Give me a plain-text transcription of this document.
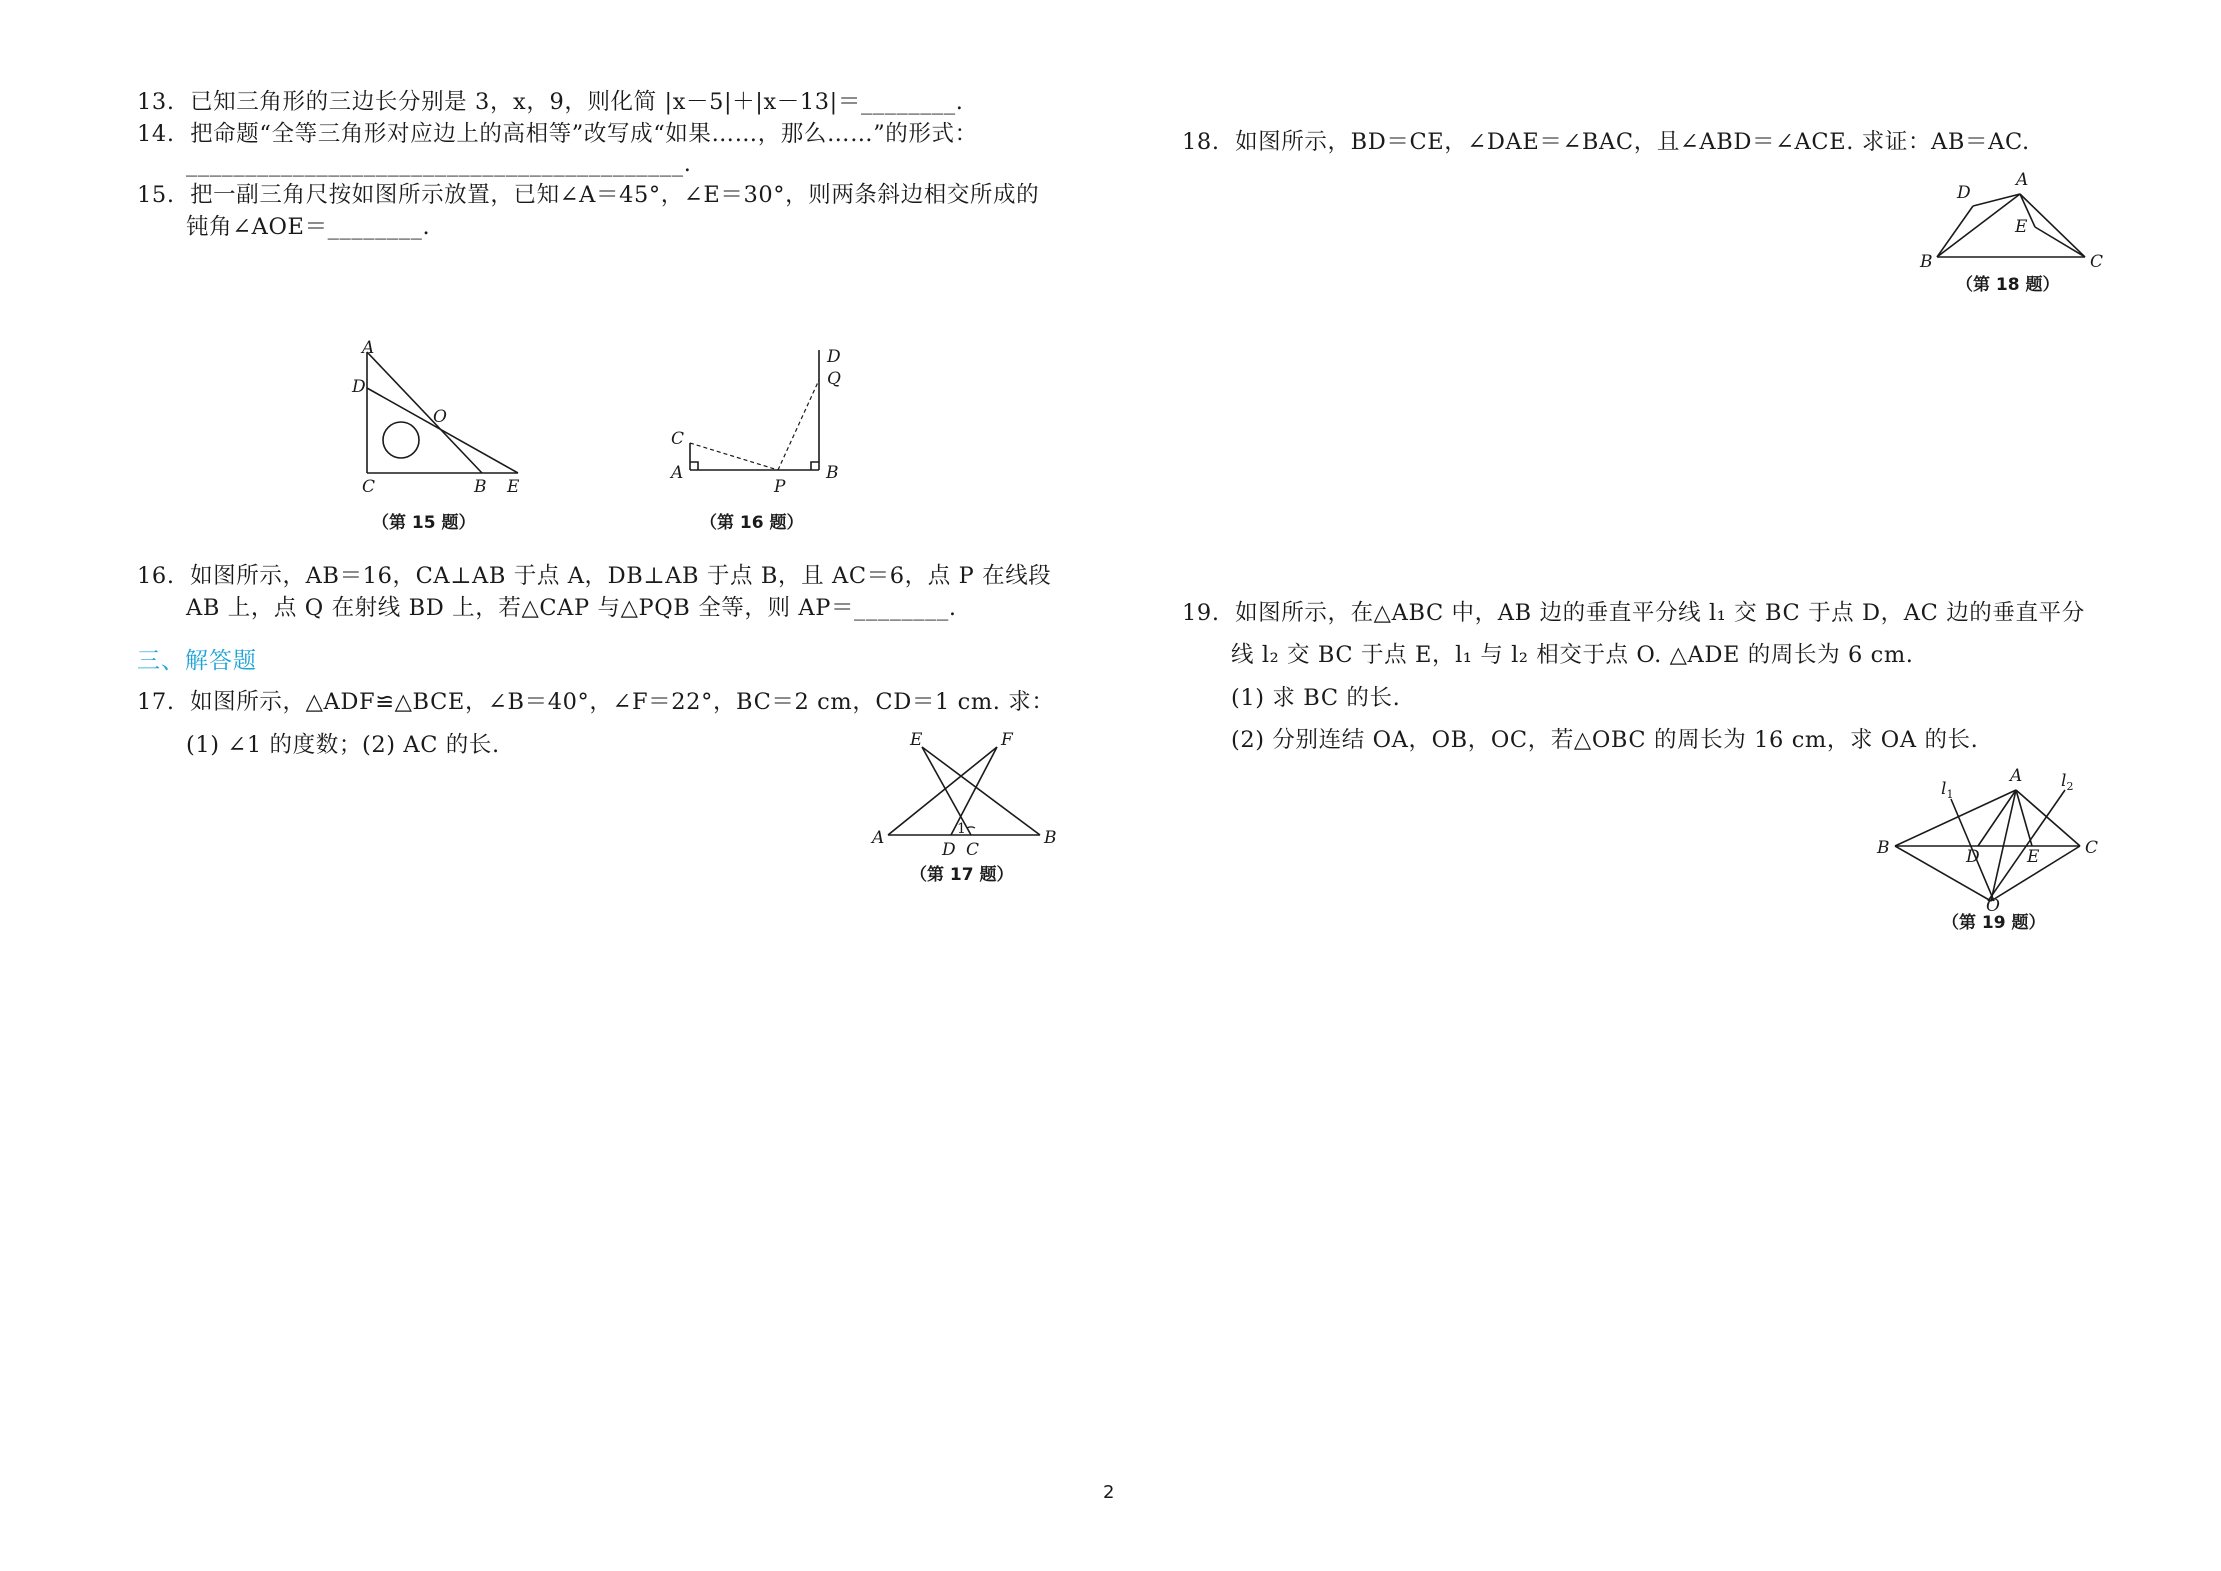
13.  已知三角形的三边长分别是 3，x，9，则化简 |x－5|＋|x－13|＝________.
14.  把命题“全等三角形对应边上的高相等”改写成“如果……，那么……”的形式：
__________________________________________.
15.  把一副三角尺按如图所示放置，已知∠A＝45°，∠E＝30°，则两条斜边相交所成的
钝角∠AOE＝________.
A
D
O
C	B E
（第 15 题）
D
Q
C
A
P
B
（第 16 题）
16.  如图所示，AB＝16，CA⊥AB 于点 A，DB⊥AB 于点 B，且 AC＝6，点 P 在线段
AB 上，点 Q 在射线 BD 上，若△CAP 与△PQB 全等，则 AP＝________.
三、解答题
17.  如图所示，△ADF≌△BCE，∠B＝40°，∠F＝22°，BC＝2 cm，CD＝1 cm. 求：
(1) ∠1 的度数；(2) AC 的长.	E	F
A
D C
B
1
（第 17 题）
18.  如图所示，BD＝CE，∠DAE＝∠BAC，且∠ABD＝∠ACE. 求证：AB＝AC.
D
A
E
B	C
（第 18 题）
19.  如图所示，在△ABC 中，AB 边的垂直平分线 l₁ 交 BC 于点 D，AC 边的垂直平分
线 l₂ 交 BC 于点 E，l₁ 与 l₂ 相交于点 O. △ADE 的周长为 6 cm.
(1) 求 BC 的长.
(2) 分别连结 OA，OB，OC，若△OBC 的周长为 16 cm，求 OA 的长.
$l_1$
A $l_2$
B	D	E	C
O
（第 19 题）
2
